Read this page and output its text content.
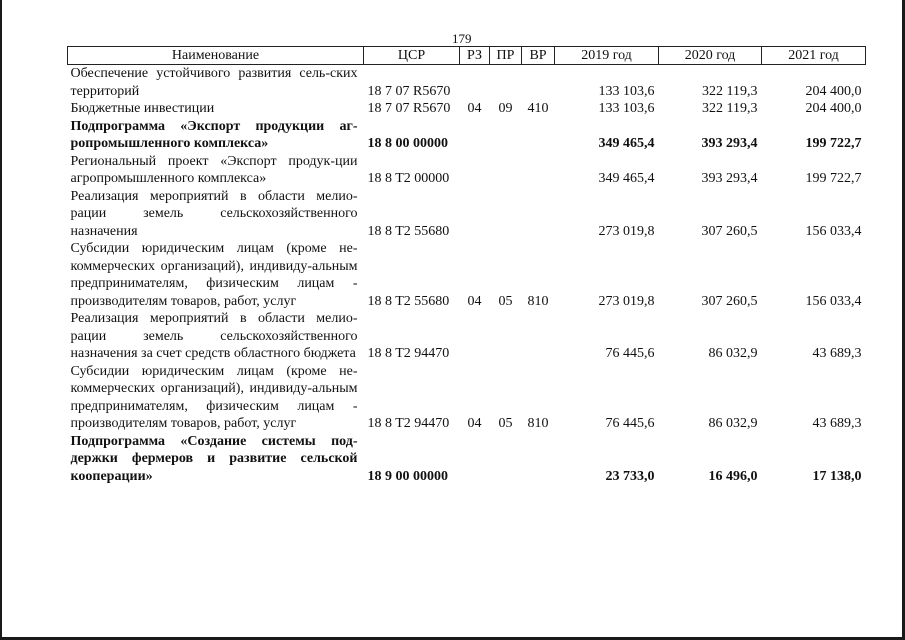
179
Наименование	ЦСР	РЗ	ПР	ВР	2019 год	2020 год	2021 год
Обеспечение устойчивого развития сель-ских территорий	18 7 07 R5670				133 103,6	322 119,3	204 400,0
Бюджетные инвестиции	18 7 07 R5670	04	09	410	133 103,6	322 119,3	204 400,0
Подпрограмма «Экспорт продукции аг-ропромышленного комплекса»	18 8 00 00000				349 465,4	393 293,4	199 722,7
Региональный проект «Экспорт продук-ции агропромышленного комплекса»	18 8 T2 00000				349 465,4	393 293,4	199 722,7
Реализация мероприятий в области мелио-рации земель сельскохозяйственного назначения	18 8 T2 55680				273 019,8	307 260,5	156 033,4
Субсидии юридическим лицам (кроме не-коммерческих организаций), индивиду-альным предпринимателям, физическим лицам - производителям товаров, работ, услуг	18 8 T2 55680	04	05	810	273 019,8	307 260,5	156 033,4
Реализация мероприятий в области мелио-рации земель сельскохозяйственного назначения за счет средств областного бюджета	18 8 T2 94470				76 445,6	86 032,9	43 689,3
Субсидии юридическим лицам (кроме не-коммерческих организаций), индивиду-альным предпринимателям, физическим лицам - производителям товаров, работ, услуг	18 8 T2 94470	04	05	810	76 445,6	86 032,9	43 689,3
Подпрограмма «Создание системы под-держки фермеров и развитие сельской кооперации»	18 9 00 00000				23 733,0	16 496,0	17 138,0
